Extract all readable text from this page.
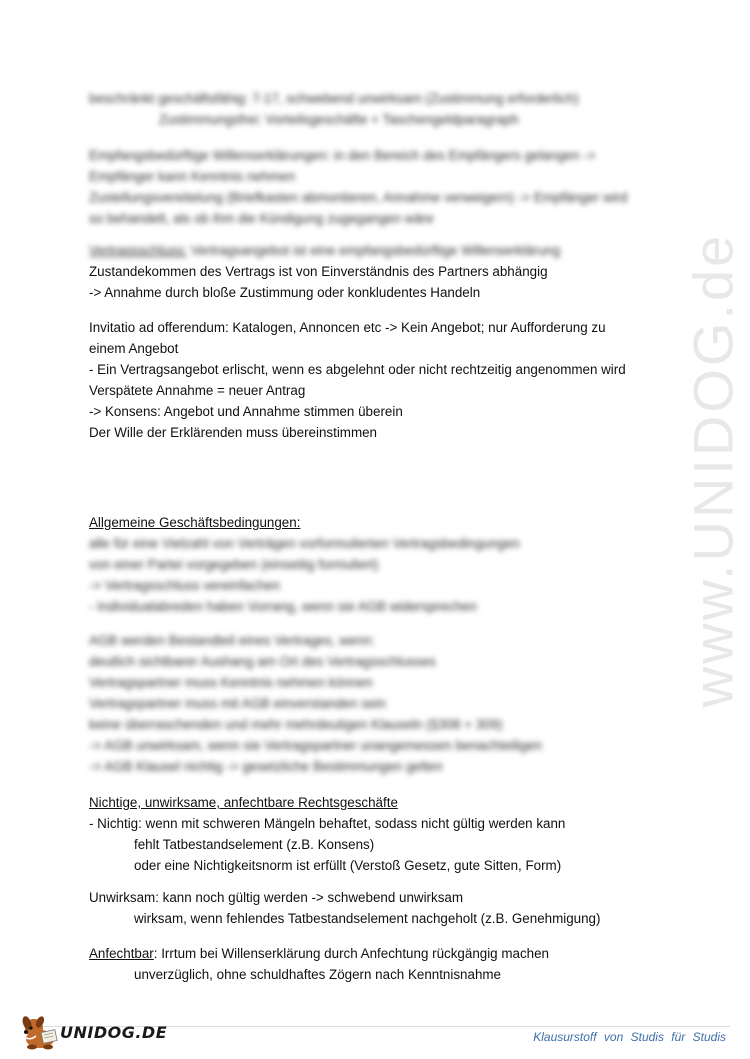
www.UNIDOG.de
beschränkt geschäftsfähig: 7-17, schwebend unwirksam (Zustimmung erforderlich)
Zustimmungsfrei: Vorteilsgeschäfte + Taschengeldparagraph
Empfangsbedürftige Willenserklärungen: in den Bereich des Empfängers gelangen ->
Empfänger kann Kenntnis nehmen
Zustellungsvereitelung (Briefkasten abmontieren, Annahme verweigern) -> Empfänger wird
so behandelt, als ob ihm die Kündigung zugegangen wäre
Vertragsschluss: Vertragsangebot ist eine empfangsbedürftige Willenserklärung
Zustandekommen des Vertrags ist von Einverständnis des Partners abhängig
-> Annahme durch bloße Zustimmung oder konkludentes Handeln
Invitatio ad offerendum: Katalogen, Annoncen etc -> Kein Angebot; nur Aufforderung zu
einem Angebot
- Ein Vertragsangebot erlischt, wenn es abgelehnt oder nicht rechtzeitig angenommen wird
Verspätete Annahme = neuer Antrag
-> Konsens: Angebot und Annahme stimmen überein
Der Wille der Erklärenden muss übereinstimmen
Allgemeine Geschäftsbedingungen:
alle für eine Vielzahl von Verträgen vorformulierten Vertragsbedingungen
von einer Partei vorgegeben (einseitig formuliert)
-> Vertragsschluss vereinfachen
- Individualabreden haben Vorrang, wenn sie AGB widersprechen
AGB werden Bestandteil eines Vertrages, wenn:
deutlich sichtbarer Aushang am Ort des Vertragsschlusses
Vertragspartner muss Kenntnis nehmen können
Vertragspartner muss mit AGB einverstanden sein
keine überraschenden und mehr mehrdeutigen Klauseln (§308 + 309)
-> AGB unwirksam, wenn sie Vertragspartner unangemessen benachteiligen
-> AGB Klausel nichtig -> gesetzliche Bestimmungen gelten
Nichtige, unwirksame, anfechtbare Rechtsgeschäfte
- Nichtig: wenn mit schweren Mängeln behaftet, sodass nicht gültig werden kann
fehlt Tatbestandselement (z.B. Konsens)
oder eine Nichtigkeitsnorm ist erfüllt (Verstoß Gesetz, gute Sitten, Form)
Unwirksam: kann noch gültig werden -> schwebend unwirksam
wirksam, wenn fehlendes Tatbestandselement nachgeholt (z.B. Genehmigung)
Anfechtbar: Irrtum bei Willenserklärung durch Anfechtung rückgängig machen
unverzüglich, ohne schuldhaftes Zögern nach Kenntnisnahme
UNIDOG.DE	Klausurstoff von Studis für Studis
